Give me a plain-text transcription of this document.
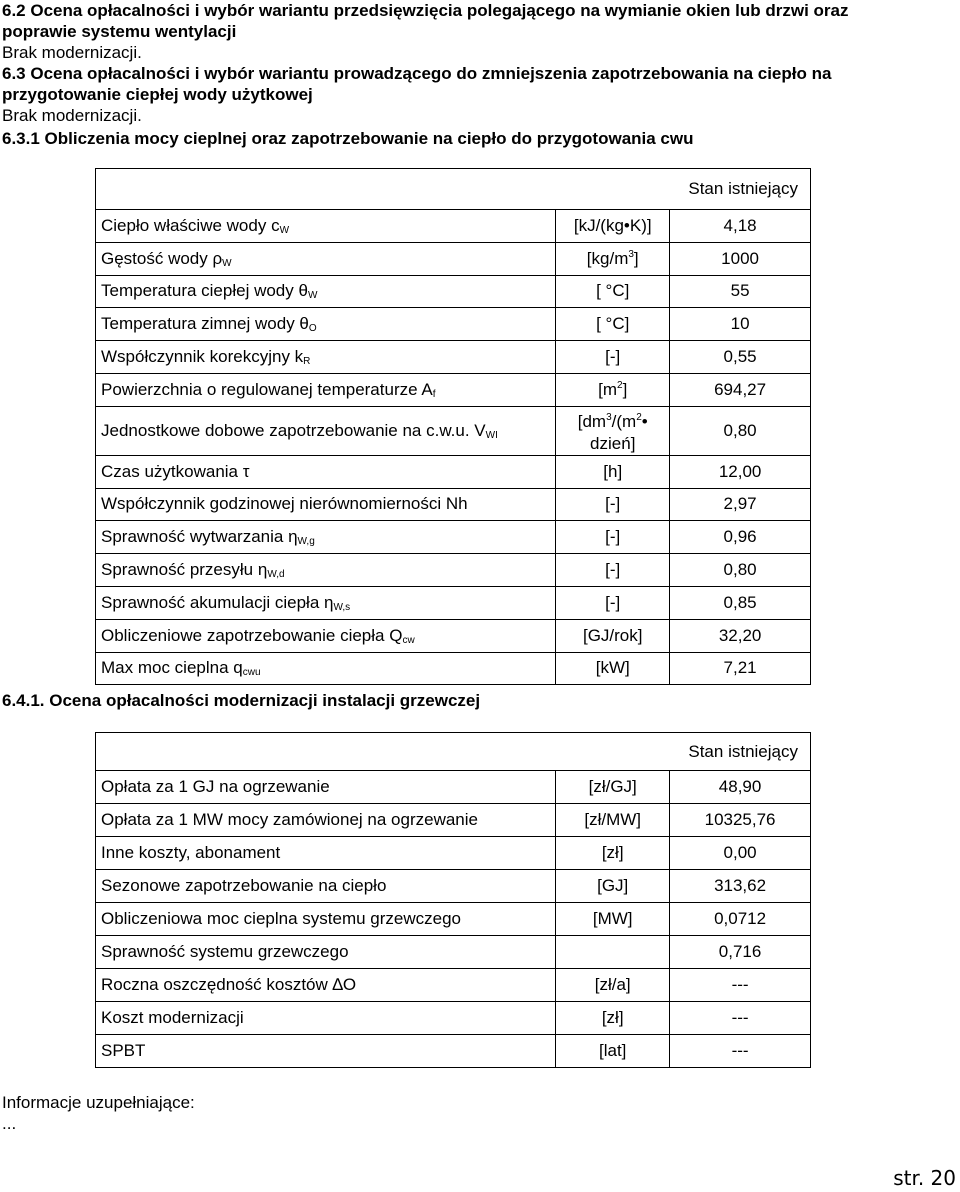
6.2 Ocena opłacalności i wybór wariantu przedsięwzięcia polegającego na wymianie okien lub drzwi oraz

poprawie systemu wentylacji

Brak modernizacji.

6.3 Ocena opłacalności i wybór wariantu prowadzącego do zmniejszenia zapotrzebowania na ciepło na

przygotowanie ciepłej wody użytkowej

Brak modernizacji.

6.3.1 Obliczenia mocy cieplnej oraz zapotrzebowanie na ciepło do przygotowania cwu

Stan istniejący		
Ciepło właściwe wody $c_W$	[kJ/(kg•K)]	4,18
Gęstość wody $\rho_W$	$[kg/m^3]$	1000
Temperatura ciepłej wody $\theta_W$	[ °C]	55
Temperatura zimnej wody $\theta_O$	[ °C]	10
Współczynnik korekcyjny $k_R$	[-]	0,55
Powierzchnia o regulowanej temperaturze $A_f$	$[m^2]$	694,27
Jednostkowe dobowe zapotrzebowanie na c.w.u. $V_{WI}$	[$dm^3/(m^2•$
dzień]	0,80
Czas użytkowania τ	[h]	12,00
Współczynnik godzinowej nierównomierności Nh	[-]	2,97
Sprawność wytwarzania $\eta_{W,g}$	[-]	0,96
Sprawność przesyłu $\eta_{W,d}$	[-]	0,80
Sprawność akumulacji ciepła $\eta_{W,s}$	[-]	0,85
Obliczeniowe zapotrzebowanie ciepła $Q_{cw}$	[GJ/rok]	32,20
Max moc cieplna $q_{cwu}$	[kW]	7,21

6.4.1. Ocena opłacalności modernizacji instalacji grzewczej

Stan istniejący		
Opłata za 1 GJ na ogrzewanie	[zł/GJ]	48,90
Opłata za 1 MW mocy zamówionej na ogrzewanie	[zł/MW]	10325,76
Inne koszty, abonament	[zł]	0,00
Sezonowe zapotrzebowanie na ciepło	[GJ]	313,62
Obliczeniowa moc cieplna systemu grzewczego	[MW]	0,0712
Sprawność systemu grzewczego		0,716
Roczna oszczędność kosztów ∆O	[zł/a]	---
Koszt modernizacji	[zł]	---
SPBT	[lat]	---

Informacje uzupełniające:

...

str. 20
